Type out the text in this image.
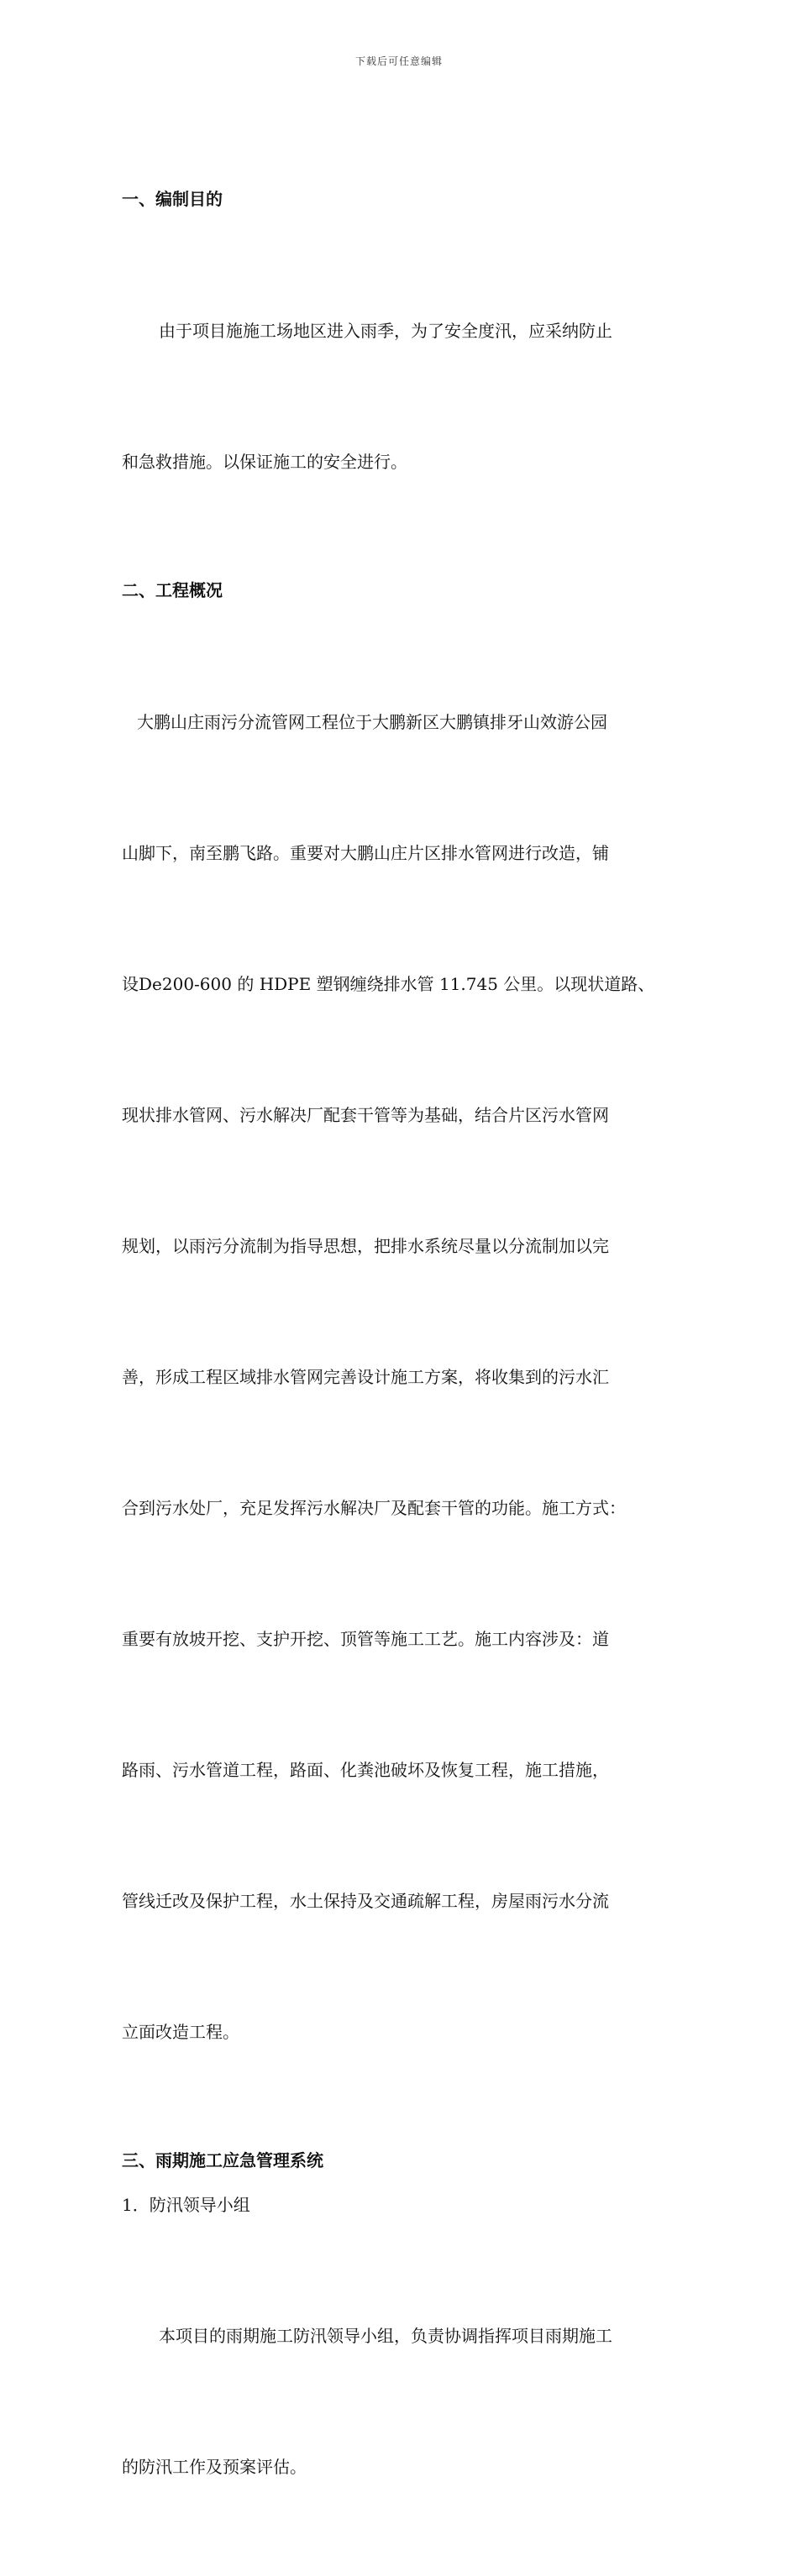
下载后可任意编辑
一、编制目的

由于项目施施工场地区进入雨季，为了安全度汛，应采纳防止

和急救措施。以保证施工的安全进行。

二、工程概况

大鹏山庄雨污分流管网工程位于大鹏新区大鹏镇排牙山效游公园

山脚下，南至鹏飞路。重要对大鹏山庄片区排水管网进行改造，铺

设De200-600 的 HDPE 塑钢缠绕排水管 11.745 公里。以现状道路、

现状排水管网、污水解决厂配套干管等为基础，结合片区污水管网

规划，以雨污分流制为指导思想，把排水系统尽量以分流制加以完

善，形成工程区域排水管网完善设计施工方案，将收集到的污水汇

合到污水处厂，充足发挥污水解决厂及配套干管的功能。施工方式：

重要有放坡开挖、支护开挖、顶管等施工工艺。施工内容涉及：道

路雨、污水管道工程，路面、化粪池破坏及恢复工程，施工措施，

管线迁改及保护工程，水土保持及交通疏解工程，房屋雨污水分流

立面改造工程。

三、雨期施工应急管理系统
1．防汛领导小组

本项目的雨期施工防汛领导小组，负责协调指挥项目雨期施工

的防汛工作及预案评估。
